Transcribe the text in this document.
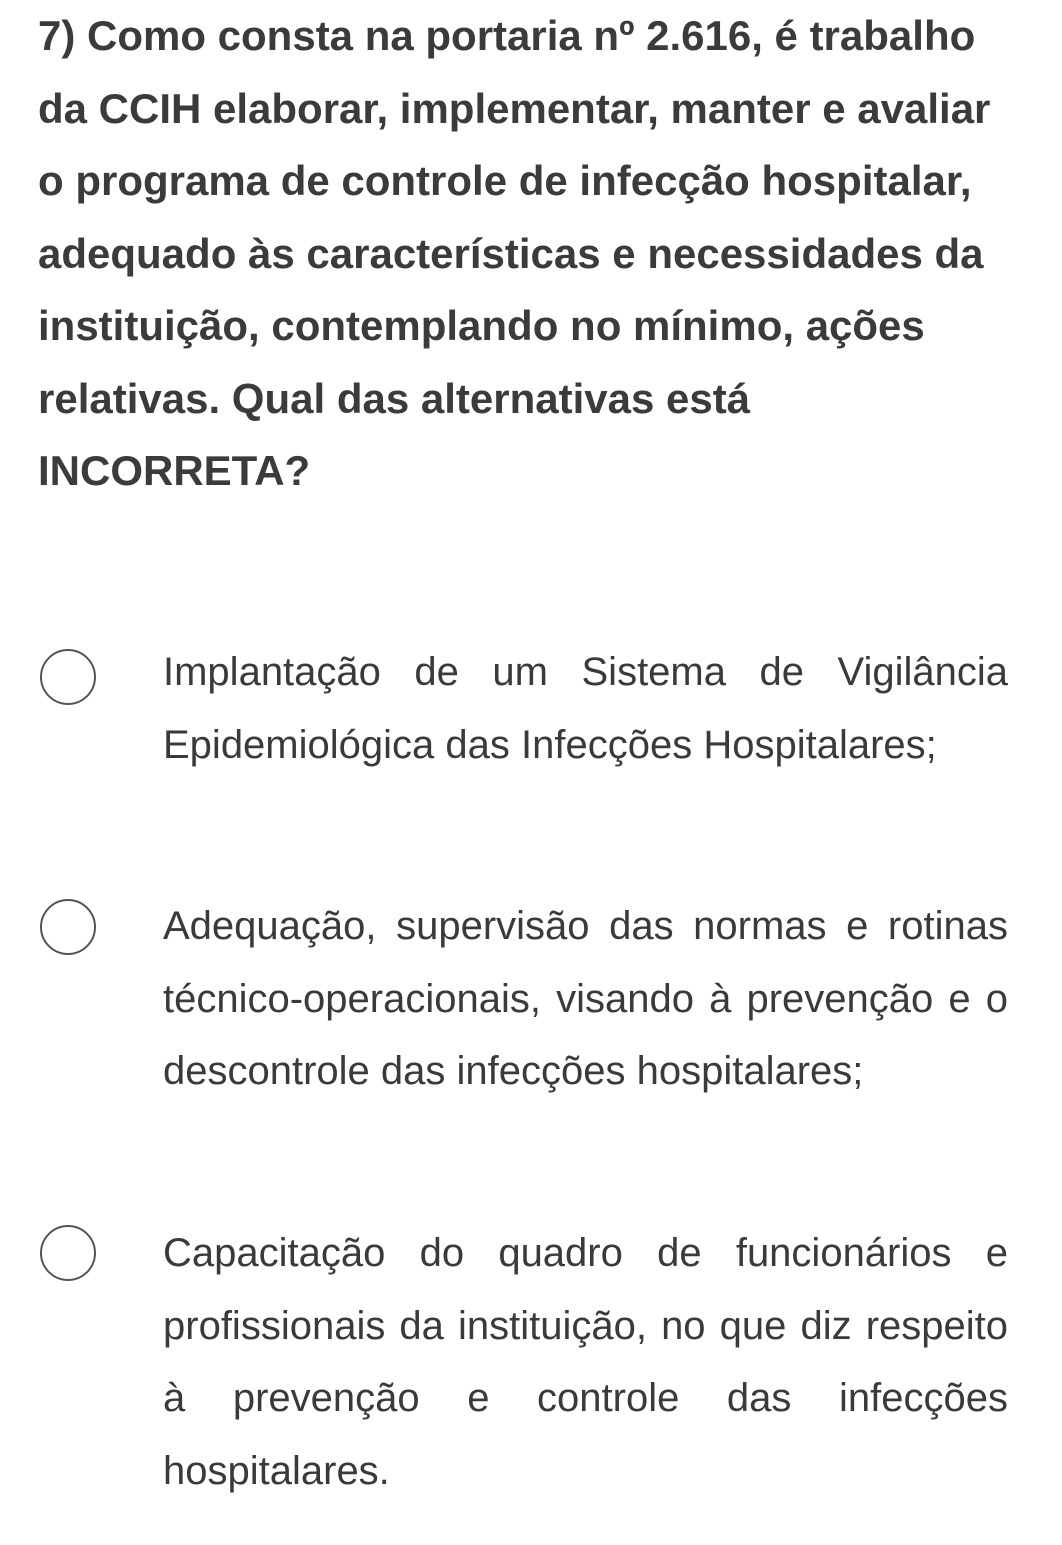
7) Como consta na portaria nº 2.616, é trabalho da CCIH elaborar, implementar, manter e avaliar o programa de controle de infecção hospitalar, adequado às características e necessidades da instituição, contemplando no mínimo, ações relativas. Qual das alternativas está INCORRETA?

Implantação de um Sistema de Vigilância Epidemiológica das Infecções Hospitalares;

Adequação, supervisão das normas e rotinas técnico-operacionais, visando à prevenção e o descontrole das infecções hospitalares;

Capacitação do quadro de funcionários e profissionais da instituição, no que diz respeito à prevenção e controle das infecções hospitalares.
